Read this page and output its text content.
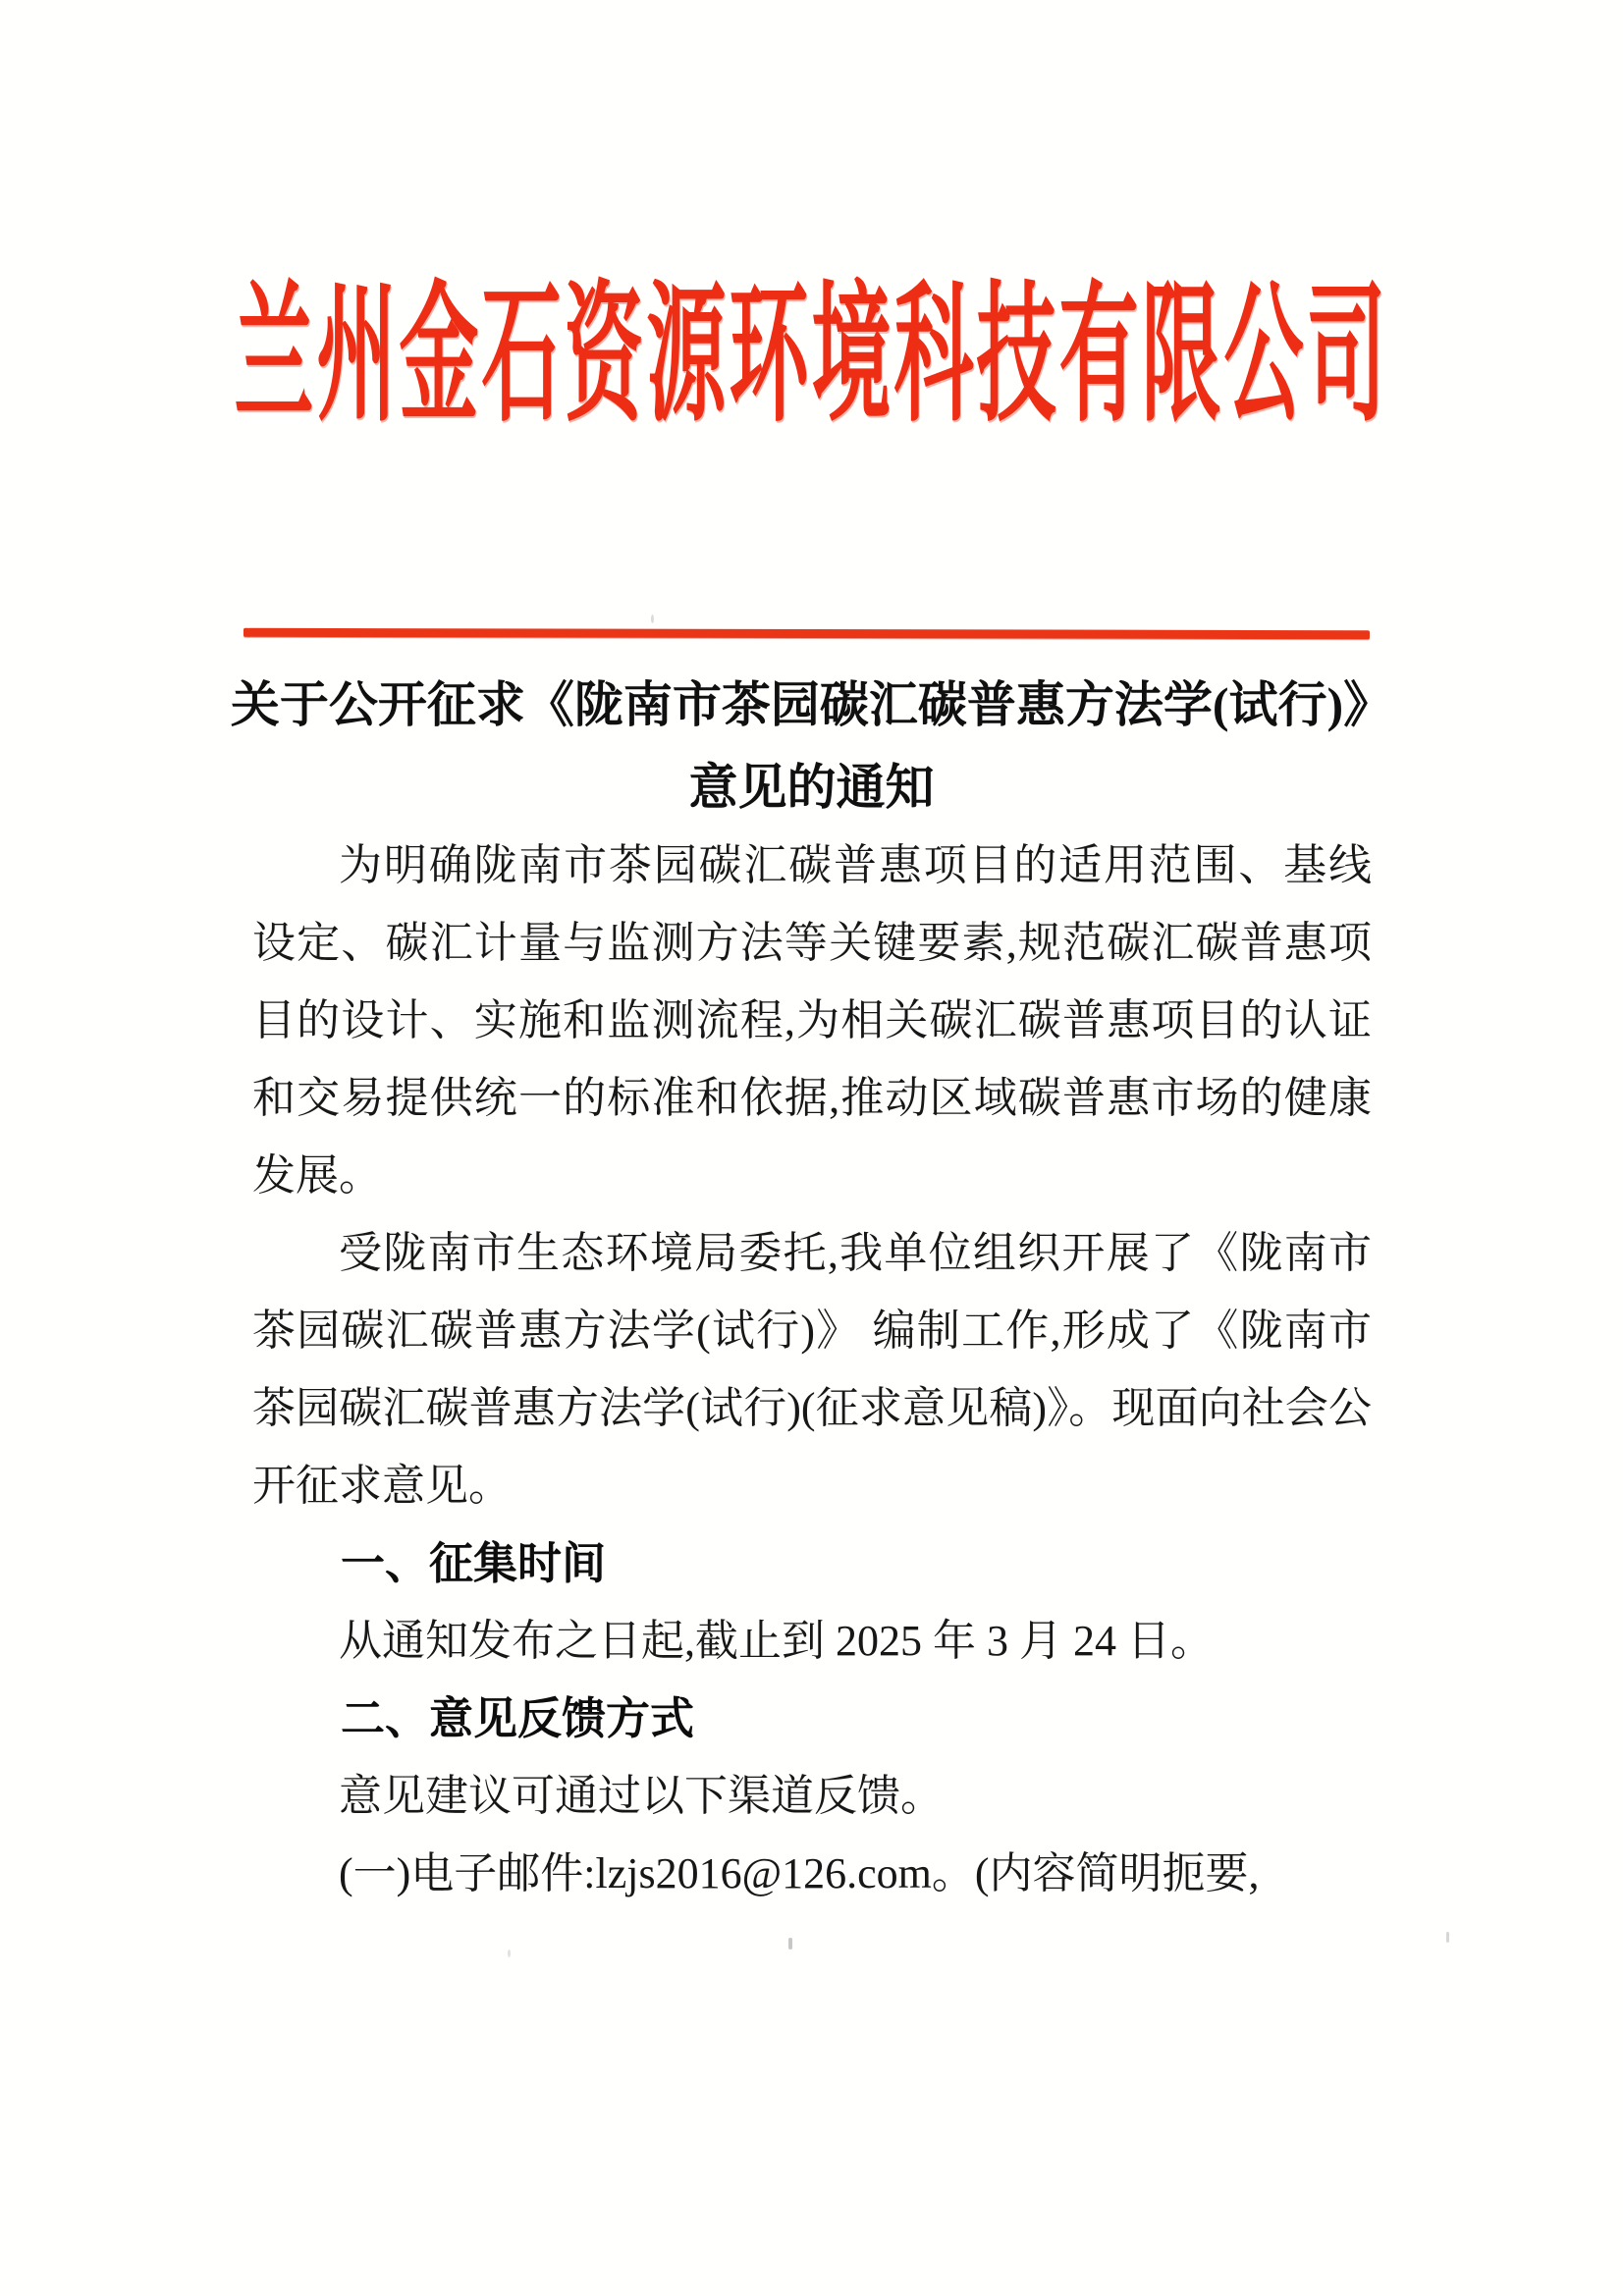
兰州金石资源环境科技有限公司
关于公开征求《陇南市茶园碳汇碳普惠方法学(试行)》
意见的通知

为明确陇南市茶园碳汇碳普惠项目的适用范围、基线设定、碳汇计量与监测方法等关键要素,规范碳汇碳普惠项目的设计、实施和监测流程,为相关碳汇碳普惠项目的认证和交易提供统一的标准和依据,推动区域碳普惠市场的健康发展。

受陇南市生态环境局委托,我单位组织开展了《陇南市茶园碳汇碳普惠方法学(试行)》 编制工作,形成了《陇南市茶园碳汇碳普惠方法学(试行)(征求意见稿)》。现面向社会公开征求意见。

一、征集时间

从通知发布之日起,截止到 2025 年 3 月 24 日。

二、意见反馈方式

意见建议可通过以下渠道反馈。

(一)电子邮件:lzjs2016@126.com。(内容简明扼要,
